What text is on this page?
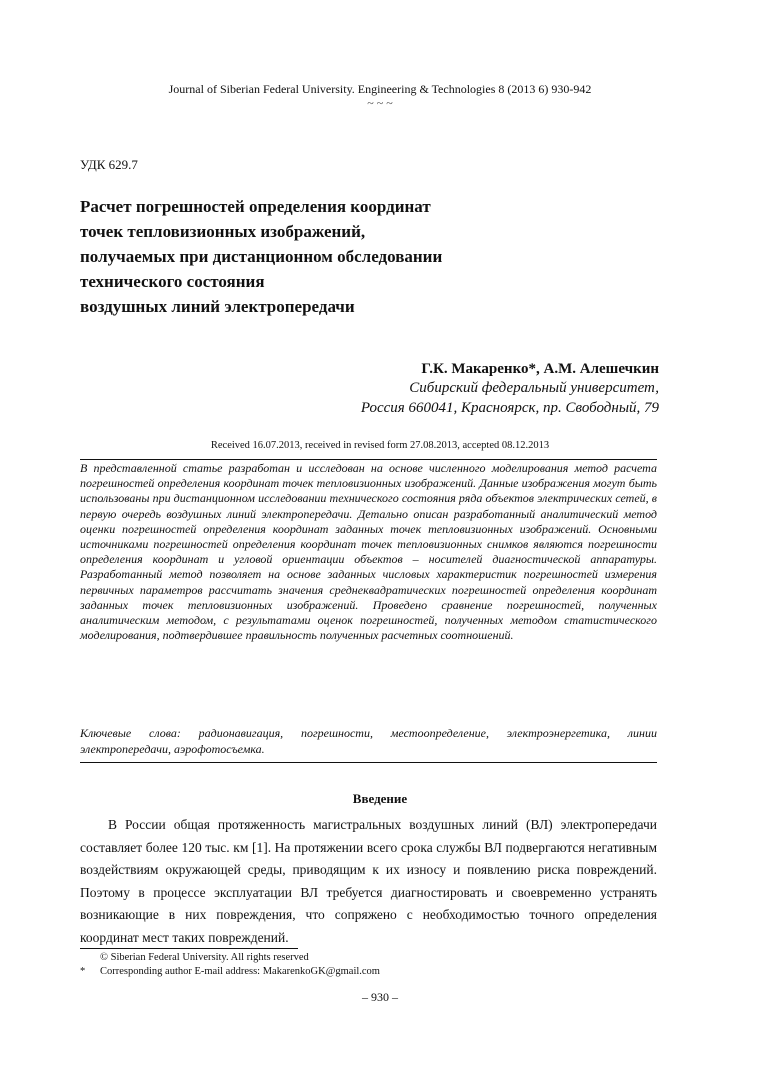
Journal of Siberian Federal University. Engineering & Technologies 8 (2013 6) 930-942
~ ~ ~
УДК 629.7
Расчет погрешностей определения координат
точек тепловизионных изображений,
получаемых при дистанционном обследовании
технического состояния
воздушных линий электропередачи
Г.К. Макаренко*, А.М. Алешечкин
Сибирский федеральный университет,
Россия 660041, Красноярск, пр. Свободный, 79
Received 16.07.2013, received in revised form 27.08.2013, accepted 08.12.2013

В представленной статье разработан и исследован на основе численного моделирования метод расчета погрешностей определения координат точек тепловизионных изображений. Данные изображения могут быть использованы при дистанционном исследовании технического состояния ряда объектов электрических сетей, в первую очередь воздушных линий электропередачи. Детально описан разработанный аналитический метод оценки погрешностей определения координат заданных точек тепловизионных изображений. Основными источниками погрешностей определения координат точек тепловизионных снимков являются погрешности определения координат и угловой ориентации объектов – носителей диагностической аппаратуры. Разработанный метод позволяет на основе заданных числовых характеристик погрешностей измерения первичных параметров рассчитать значения среднеквадратических погрешностей определения координат заданных точек тепловизионных изображений. Проведено сравнение погрешностей, полученных аналитическим методом, с результатами оценок погрешностей, полученных методом статистического моделирования, подтвердившее правильность полученных расчетных соотношений.

Ключевые слова: радионавигация, погрешности, местоопределение, электроэнергетика, линии электропередачи, аэрофотосъемка.

Введение

В России общая протяженность магистральных воздушных линий (ВЛ) электропередачи составляет более 120 тыс. км [1]. На протяжении всего срока службы ВЛ подвергаются негативным воздействиям окружающей среды, приводящим к их износу и появлению риска повреждений. Поэтому в процессе эксплуатации ВЛ требуется диагностировать и своевременно устранять возникающие в них повреждения, что сопряжено с необходимостью точного определения координат мест таких повреждений.

© Siberian Federal University. All rights reserved
* Corresponding author E-mail address: MakarenkoGK@gmail.com
– 930 –
